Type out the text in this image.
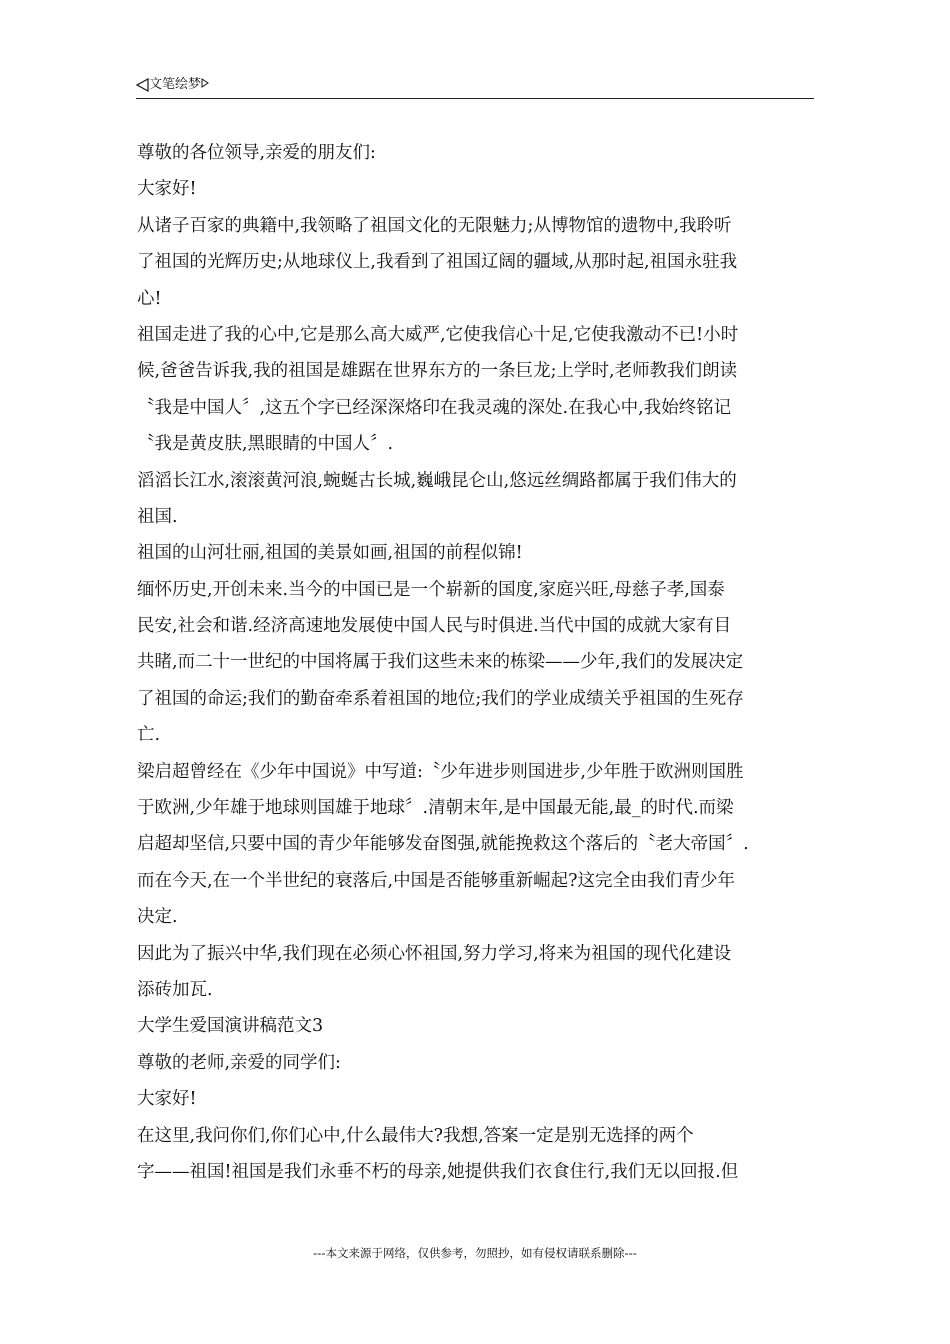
文笔绘梦
尊敬的各位领导,亲爱的朋友们:
大家好!
从诸子百家的典籍中,我领略了祖国文化的无限魅力;从博物馆的遗物中,我聆听
了祖国的光辉历史;从地球仪上,我看到了祖国辽阔的疆域,从那时起,祖国永驻我
心!
祖国走进了我的心中,它是那么高大威严,它使我信心十足,它使我激动不已!小时
候,爸爸告诉我,我的祖国是雄踞在世界东方的一条巨龙;上学时,老师教我们朗读
〝我是中国人〞,这五个字已经深深烙印在我灵魂的深处.在我心中,我始终铭记
〝我是黄皮肤,黑眼睛的中国人〞.
滔滔长江水,滚滚黄河浪,蜿蜒古长城,巍峨昆仑山,悠远丝绸路都属于我们伟大的
祖国.
祖国的山河壮丽,祖国的美景如画,祖国的前程似锦!
缅怀历史,开创未来.当今的中国已是一个崭新的国度,家庭兴旺,母慈子孝,国泰
民安,社会和谐.经济高速地发展使中国人民与时俱进.当代中国的成就大家有目
共睹,而二十一世纪的中国将属于我们这些未来的栋梁——少年,我们的发展决定
了祖国的命运;我们的勤奋牵系着祖国的地位;我们的学业成绩关乎祖国的生死存
亡.
梁启超曾经在《少年中国说》中写道:〝少年进步则国进步,少年胜于欧洲则国胜
于欧洲,少年雄于地球则国雄于地球〞.清朝末年,是中国最无能,最_的时代.而梁
启超却坚信,只要中国的青少年能够发奋图强,就能挽救这个落后的〝老大帝国〞.
而在今天,在一个半世纪的衰落后,中国是否能够重新崛起?这完全由我们青少年
决定.
因此为了振兴中华,我们现在必须心怀祖国,努力学习,将来为祖国的现代化建设
添砖加瓦.
大学生爱国演讲稿范文3
尊敬的老师,亲爱的同学们:
大家好!
在这里,我问你们,你们心中,什么最伟大?我想,答案一定是别无选择的两个
字——祖国!祖国是我们永垂不朽的母亲,她提供我们衣食住行,我们无以回报.但
---本文来源于网络，仅供参考，勿照抄，如有侵权请联系删除---
